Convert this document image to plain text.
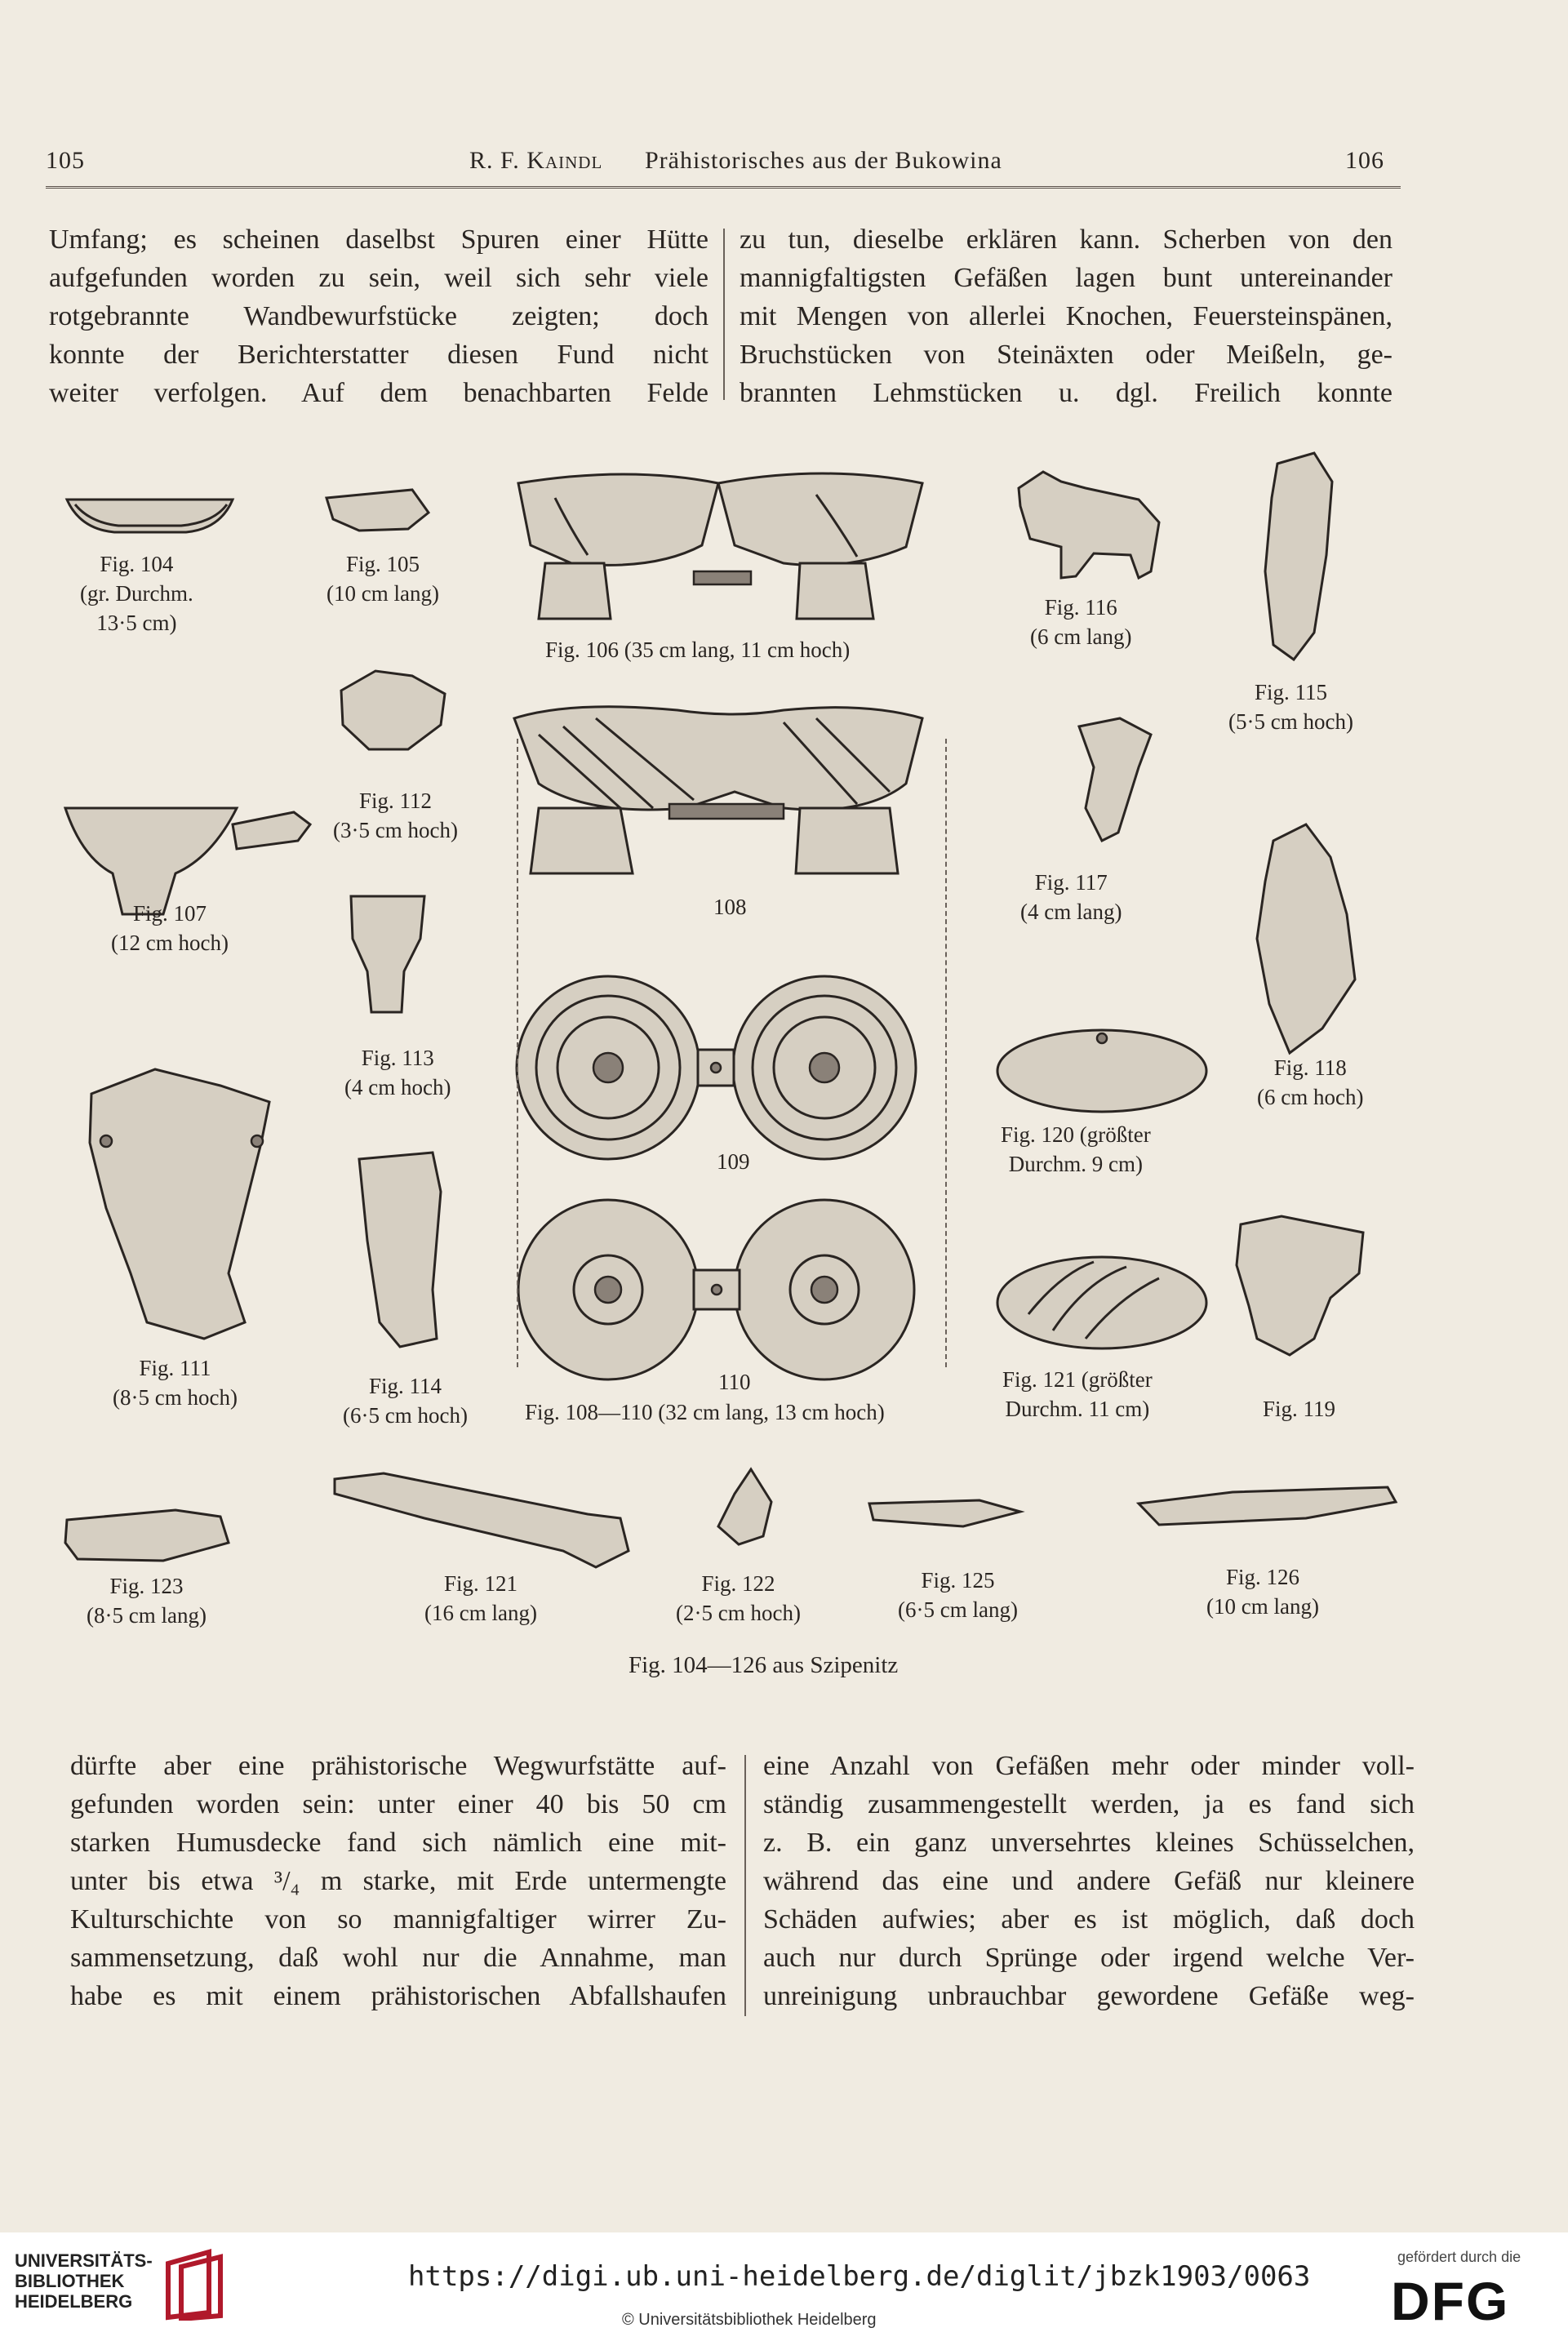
105	R. F. Kaindl Prähistorisches aus der Bukowina	106
Umfang; es scheinen daselbst Spuren einer Hütte
aufgefunden worden zu sein, weil sich sehr viele
rotgebrannte Wandbewurfstücke zeigten; doch
konnte der Berichterstatter diesen Fund nicht
weiter verfolgen. Auf dem benachbarten Felde
zu tun, dieselbe erklären kann. Scherben von den
mannigfaltigsten Gefäßen lagen bunt untereinander
mit Mengen von allerlei Knochen, Feuersteinspänen,
Bruchstücken von Steinäxten oder Meißeln, ge-
brannten Lehmstücken u. dgl. Freilich konnte
Fig. 104
(gr. Durchm.
13·5 cm)
Fig. 105
(10 cm lang)
Fig. 106 (35 cm lang, 11 cm hoch)
Fig. 116
(6 cm lang)
Fig. 115
(5·5 cm hoch)
Fig. 112
(3·5 cm hoch)
Fig. 107
(12 cm hoch)
108
Fig. 117
(4 cm lang)
Fig. 113
(4 cm hoch)
Fig. 118
(6 cm hoch)
Fig. 120 (größter
Durchm. 9 cm)
109
Fig. 111
(8·5 cm hoch)	Fig. 114
(6·5 cm hoch)
110
Fig. 108—110 (32 cm lang, 13 cm hoch)
Fig. 121 (größter
Durchm. 11 cm)	Fig. 119
Fig. 123
(8·5 cm lang)
Fig. 121
(16 cm lang)
Fig. 122
(2·5 cm hoch)
Fig. 125
(6·5 cm lang)
Fig. 126
(10 cm lang)
Fig. 104—126 aus Szipenitz
dürfte aber eine prähistorische Wegwurfstätte auf-
gefunden worden sein: unter einer 40 bis 50 cm
starken Humusdecke fand sich nämlich eine mit-
unter bis etwa ³/₄ m starke, mit Erde untermengte
Kulturschichte von so mannigfaltiger wirrer Zu-
sammensetzung, daß wohl nur die Annahme, man
habe es mit einem prähistorischen Abfallshaufen
eine Anzahl von Gefäßen mehr oder minder voll-
ständig zusammengestellt werden, ja es fand sich
z. B. ein ganz unversehrtes kleines Schüsselchen,
während das eine und andere Gefäß nur kleinere
Schäden aufwies; aber es ist möglich, daß doch
auch nur durch Sprünge oder irgend welche Ver-
unreinigung unbrauchbar gewordene Gefäße weg-
UNIVERSITÄTS-
BIBLIOTHEK
HEIDELBERG
https://digi.ub.uni-heidelberg.de/diglit/jbzk1903/0063
© Universitätsbibliothek Heidelberg
gefördert durch die
DFG
